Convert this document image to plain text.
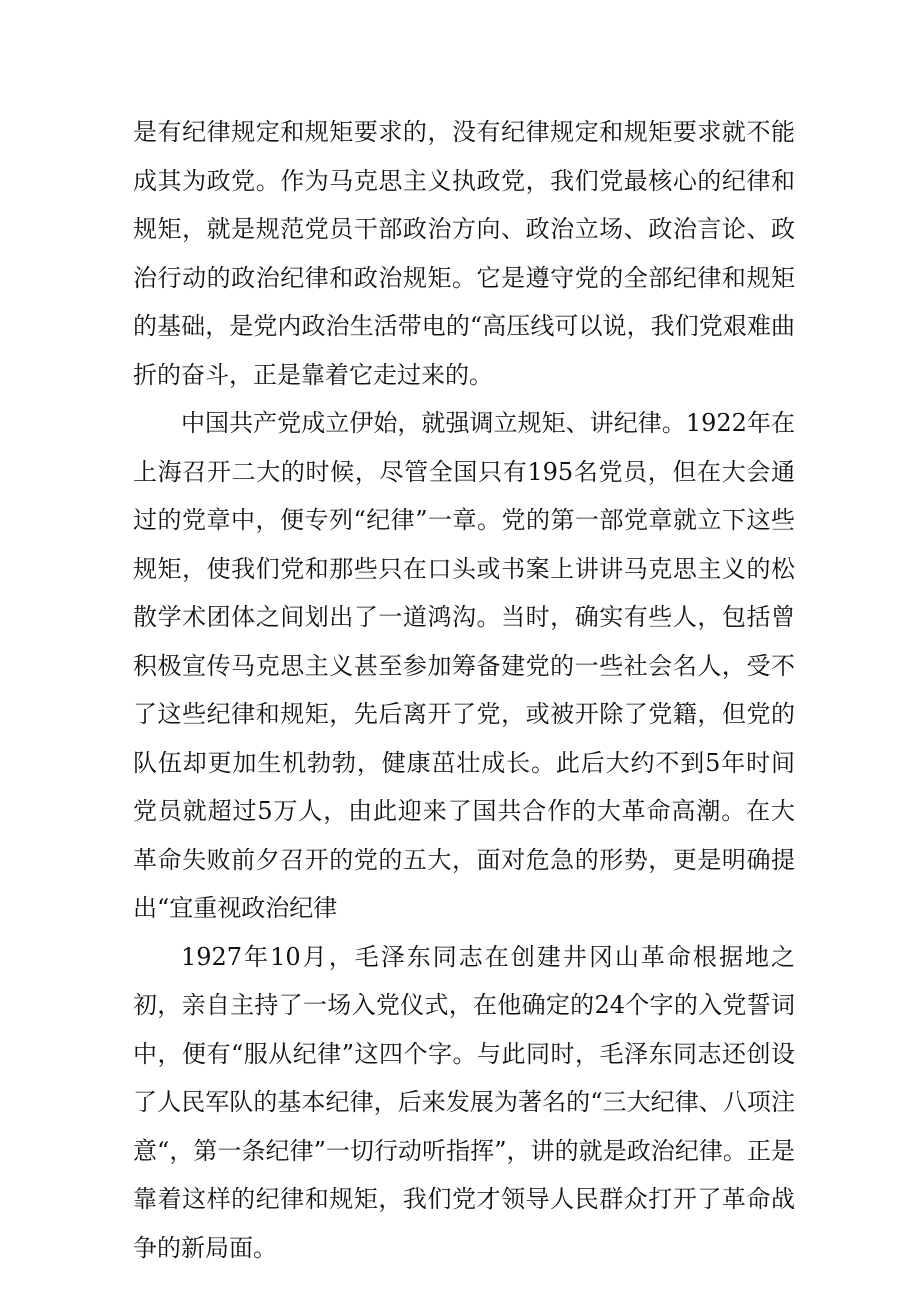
是有纪律规定和规矩要求的，没有纪律规定和规矩要求就不能成其为政党。作为马克思主义执政党，我们党最核心的纪律和规矩，就是规范党员干部政治方向、政治立场、政治言论、政治行动的政治纪律和政治规矩。它是遵守党的全部纪律和规矩的基础，是党内政治生活带电的“高压线可以说，我们党艰难曲折的奋斗，正是靠着它走过来的。

中国共产党成立伊始，就强调立规矩、讲纪律。1922年在上海召开二大的时候，尽管全国只有195名党员，但在大会通过的党章中，便专列“纪律”一章。党的第一部党章就立下这些规矩，使我们党和那些只在口头或书案上讲讲马克思主义的松散学术团体之间划出了一道鸿沟。当时，确实有些人，包括曾积极宣传马克思主义甚至参加筹备建党的一些社会名人，受不了这些纪律和规矩，先后离开了党，或被开除了党籍，但党的队伍却更加生机勃勃，健康茁壮成长。此后大约不到5年时间党员就超过5万人，由此迎来了国共合作的大革命高潮。在大革命失败前夕召开的党的五大，面对危急的形势，更是明确提出“宜重视政治纪律

1927年10月，毛泽东同志在创建井冈山革命根据地之初，亲自主持了一场入党仪式，在他确定的24个字的入党誓词中，便有“服从纪律”这四个字。与此同时，毛泽东同志还创设了人民军队的基本纪律，后来发展为著名的“三大纪律、八项注意“，第一条纪律”一切行动听指挥”，讲的就是政治纪律。正是靠着这样的纪律和规矩，我们党才领导人民群众打开了革命战争的新局面。
